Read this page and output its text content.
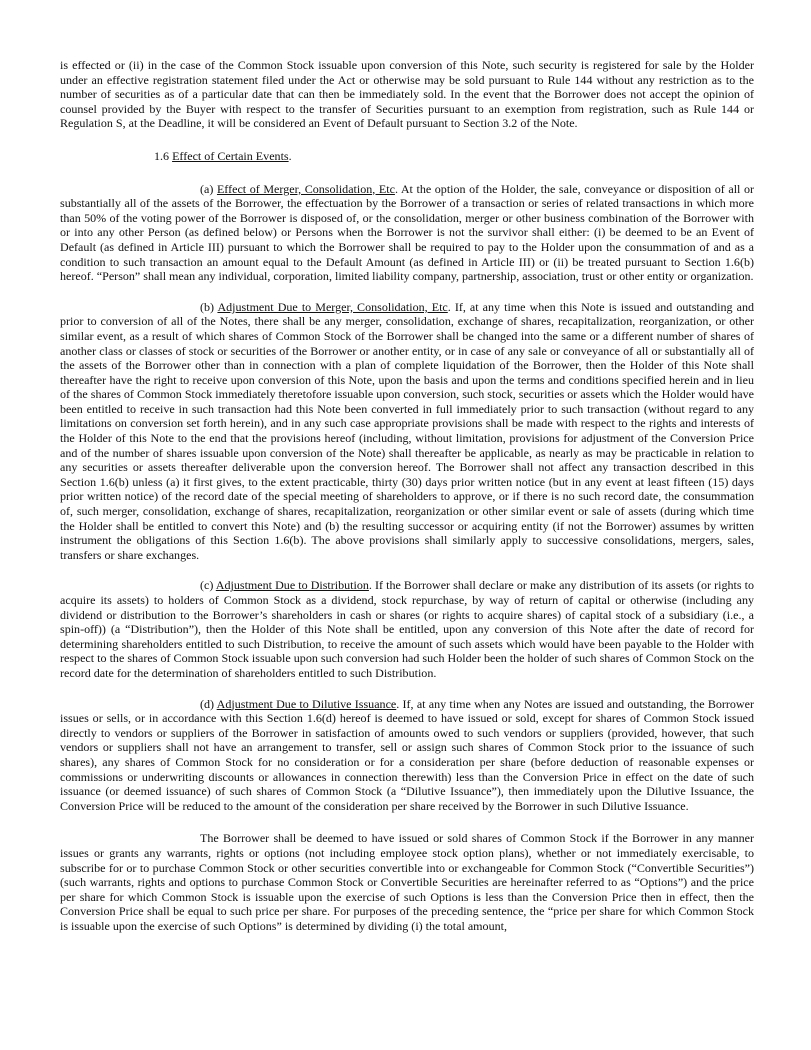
is effected or (ii) in the case of the Common Stock issuable upon conversion of this Note, such security is registered for sale by the Holder under an effective registration statement filed under the Act or otherwise may be sold pursuant to Rule 144 without any restriction as to the number of securities as of a particular date that can then be immediately sold. In the event that the Borrower does not accept the opinion of counsel provided by the Buyer with respect to the transfer of Securities pursuant to an exemption from registration, such as Rule 144 or Regulation S, at the Deadline, it will be considered an Event of Default pursuant to Section 3.2 of the Note.

1.6 Effect of Certain Events.

(a) Effect of Merger, Consolidation, Etc. At the option of the Holder, the sale, conveyance or disposition of all or substantially all of the assets of the Borrower, the effectuation by the Borrower of a transaction or series of related transactions in which more than 50% of the voting power of the Borrower is disposed of, or the consolidation, merger or other business combination of the Borrower with or into any other Person (as defined below) or Persons when the Borrower is not the survivor shall either: (i) be deemed to be an Event of Default (as defined in Article III) pursuant to which the Borrower shall be required to pay to the Holder upon the consummation of and as a condition to such transaction an amount equal to the Default Amount (as defined in Article III) or (ii) be treated pursuant to Section 1.6(b) hereof. “Person” shall mean any individual, corporation, limited liability company, partnership, association, trust or other entity or organization.

(b) Adjustment Due to Merger, Consolidation, Etc. If, at any time when this Note is issued and outstanding and prior to conversion of all of the Notes, there shall be any merger, consolidation, exchange of shares, recapitalization, reorganization, or other similar event, as a result of which shares of Common Stock of the Borrower shall be changed into the same or a different number of shares of another class or classes of stock or securities of the Borrower or another entity, or in case of any sale or conveyance of all or substantially all of the assets of the Borrower other than in connection with a plan of complete liquidation of the Borrower, then the Holder of this Note shall thereafter have the right to receive upon conversion of this Note, upon the basis and upon the terms and conditions specified herein and in lieu of the shares of Common Stock immediately theretofore issuable upon conversion, such stock, securities or assets which the Holder would have been entitled to receive in such transaction had this Note been converted in full immediately prior to such transaction (without regard to any limitations on conversion set forth herein), and in any such case appropriate provisions shall be made with respect to the rights and interests of the Holder of this Note to the end that the provisions hereof (including, without limitation, provisions for adjustment of the Conversion Price and of the number of shares issuable upon conversion of the Note) shall thereafter be applicable, as nearly as may be practicable in relation to any securities or assets thereafter deliverable upon the conversion hereof. The Borrower shall not affect any transaction described in this Section 1.6(b) unless (a) it first gives, to the extent practicable, thirty (30) days prior written notice (but in any event at least fifteen (15) days prior written notice) of the record date of the special meeting of shareholders to approve, or if there is no such record date, the consummation of, such merger, consolidation, exchange of shares, recapitalization, reorganization or other similar event or sale of assets (during which time the Holder shall be entitled to convert this Note) and (b) the resulting successor or acquiring entity (if not the Borrower) assumes by written instrument the obligations of this Section 1.6(b). The above provisions shall similarly apply to successive consolidations, mergers, sales, transfers or share exchanges.

(c) Adjustment Due to Distribution. If the Borrower shall declare or make any distribution of its assets (or rights to acquire its assets) to holders of Common Stock as a dividend, stock repurchase, by way of return of capital or otherwise (including any dividend or distribution to the Borrower’s shareholders in cash or shares (or rights to acquire shares) of capital stock of a subsidiary (i.e., a spin-off)) (a “Distribution”), then the Holder of this Note shall be entitled, upon any conversion of this Note after the date of record for determining shareholders entitled to such Distribution, to receive the amount of such assets which would have been payable to the Holder with respect to the shares of Common Stock issuable upon such conversion had such Holder been the holder of such shares of Common Stock on the record date for the determination of shareholders entitled to such Distribution.

(d) Adjustment Due to Dilutive Issuance. If, at any time when any Notes are issued and outstanding, the Borrower issues or sells, or in accordance with this Section 1.6(d) hereof is deemed to have issued or sold, except for shares of Common Stock issued directly to vendors or suppliers of the Borrower in satisfaction of amounts owed to such vendors or suppliers (provided, however, that such vendors or suppliers shall not have an arrangement to transfer, sell or assign such shares of Common Stock prior to the issuance of such shares), any shares of Common Stock for no consideration or for a consideration per share (before deduction of reasonable expenses or commissions or underwriting discounts or allowances in connection therewith) less than the Conversion Price in effect on the date of such issuance (or deemed issuance) of such shares of Common Stock (a “Dilutive Issuance”), then immediately upon the Dilutive Issuance, the Conversion Price will be reduced to the amount of the consideration per share received by the Borrower in such Dilutive Issuance.

The Borrower shall be deemed to have issued or sold shares of Common Stock if the Borrower in any manner issues or grants any warrants, rights or options (not including employee stock option plans), whether or not immediately exercisable, to subscribe for or to purchase Common Stock or other securities convertible into or exchangeable for Common Stock (“Convertible Securities”) (such warrants, rights and options to purchase Common Stock or Convertible Securities are hereinafter referred to as “Options”) and the price per share for which Common Stock is issuable upon the exercise of such Options is less than the Conversion Price then in effect, then the Conversion Price shall be equal to such price per share. For purposes of the preceding sentence, the “price per share for which Common Stock is issuable upon the exercise of such Options” is determined by dividing (i) the total amount,
